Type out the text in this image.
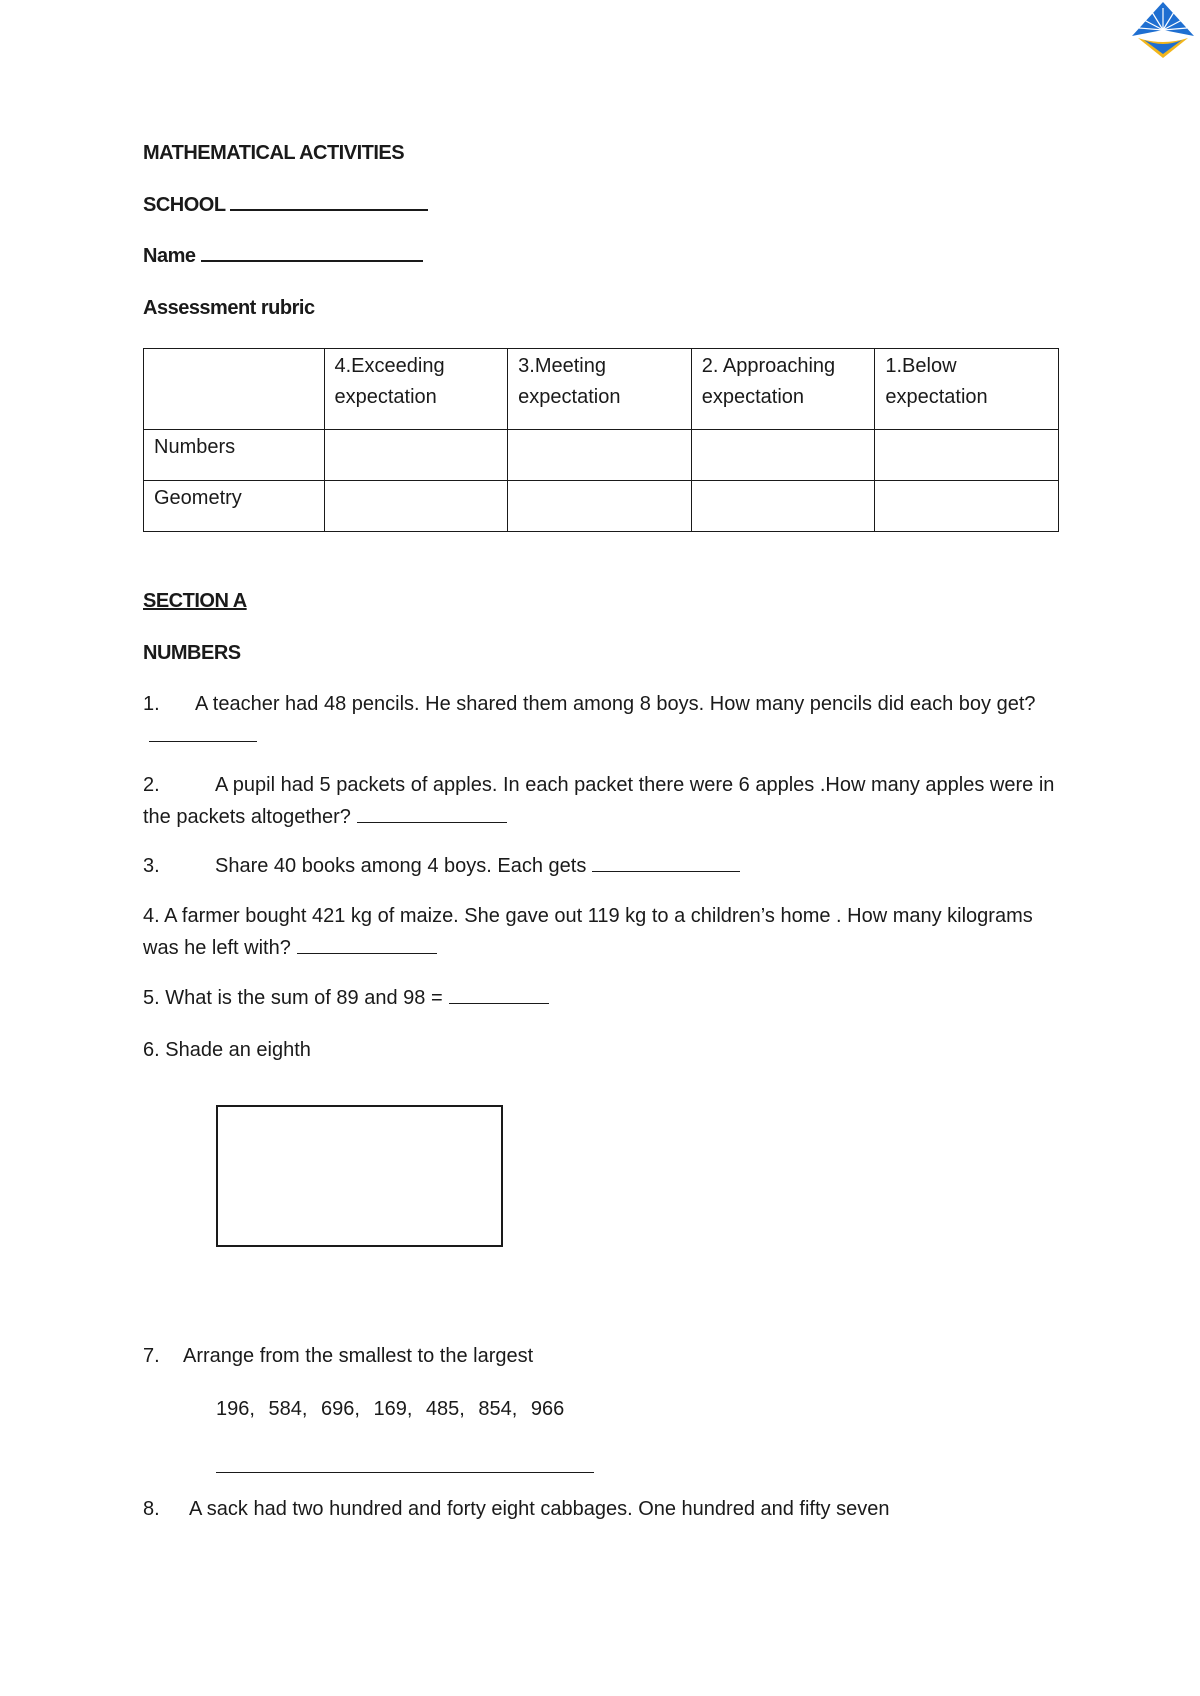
MATHEMATICAL ACTIVITIES
SCHOOL
Name
Assessment rubric
	4.Exceeding expectation	3.Meeting expectation	2. Approaching expectation	1.Below expectation
Numbers				
Geometry				
SECTION A
NUMBERS
1. A teacher had 48 pencils. He shared them among 8 boys. How many pencils did each boy get?
2.	A pupil had 5 packets of apples. In each packet there were 6 apples .How many apples were in the packets altogether?
3.	Share 40 books among 4 boys. Each gets
4. A farmer bought 421 kg of maize. She gave out 119 kg to a children’s home . How many kilograms was he left with?
5. What is the sum of 89 and 98 =
6. Shade an eighth
7. Arrange from the smallest to the largest
196, 584, 696, 169, 485, 854, 966
8. A sack had two hundred and forty eight cabbages. One hundred and fifty seven
